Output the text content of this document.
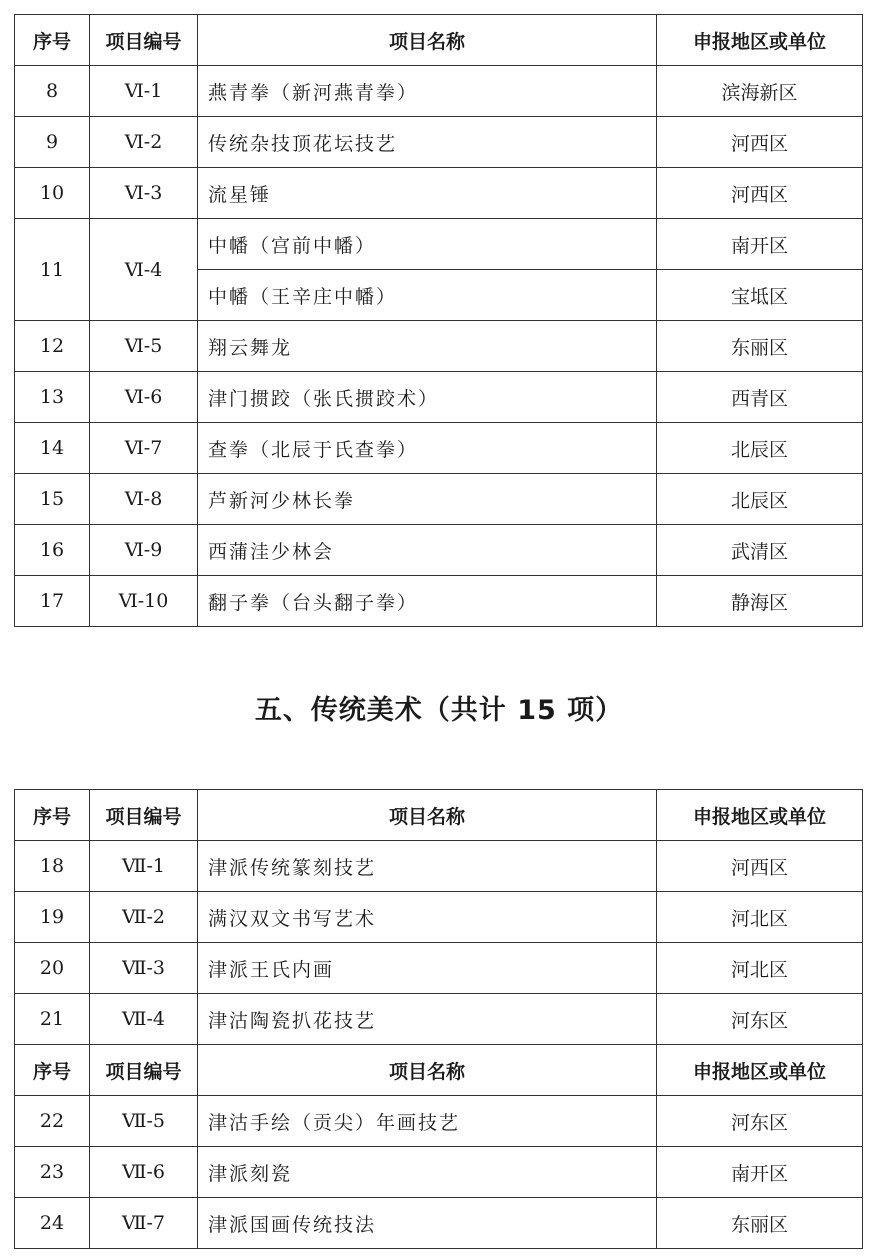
序号	项目编号	项目名称	申报地区或单位
8	Ⅵ-1	燕青拳（新河燕青拳）	滨海新区
9	Ⅵ-2	传统杂技顶花坛技艺	河西区
10	Ⅵ-3	流星锤	河西区
11	Ⅵ-4	中幡（宫前中幡）	南开区
		中幡（王辛庄中幡）	宝坻区
12	Ⅵ-5	翔云舞龙	东丽区
13	Ⅵ-6	津门掼跤（张氏掼跤术）	西青区
14	Ⅵ-7	查拳（北辰于氏查拳）	北辰区
15	Ⅵ-8	芦新河少林长拳	北辰区
16	Ⅵ-9	西蒲洼少林会	武清区
17	Ⅵ-10	翻子拳（台头翻子拳）	静海区
五、传统美术（共计 15 项）
序号	项目编号	项目名称	申报地区或单位
18	Ⅶ-1	津派传统篆刻技艺	河西区
19	Ⅶ-2	满汉双文书写艺术	河北区
20	Ⅶ-3	津派王氏内画	河北区
21	Ⅶ-4	津沽陶瓷扒花技艺	河东区
序号	项目编号	项目名称	申报地区或单位
22	Ⅶ-5	津沽手绘（贡尖）年画技艺	河东区
23	Ⅶ-6	津派刻瓷	南开区
24	Ⅶ-7	津派国画传统技法	东丽区
